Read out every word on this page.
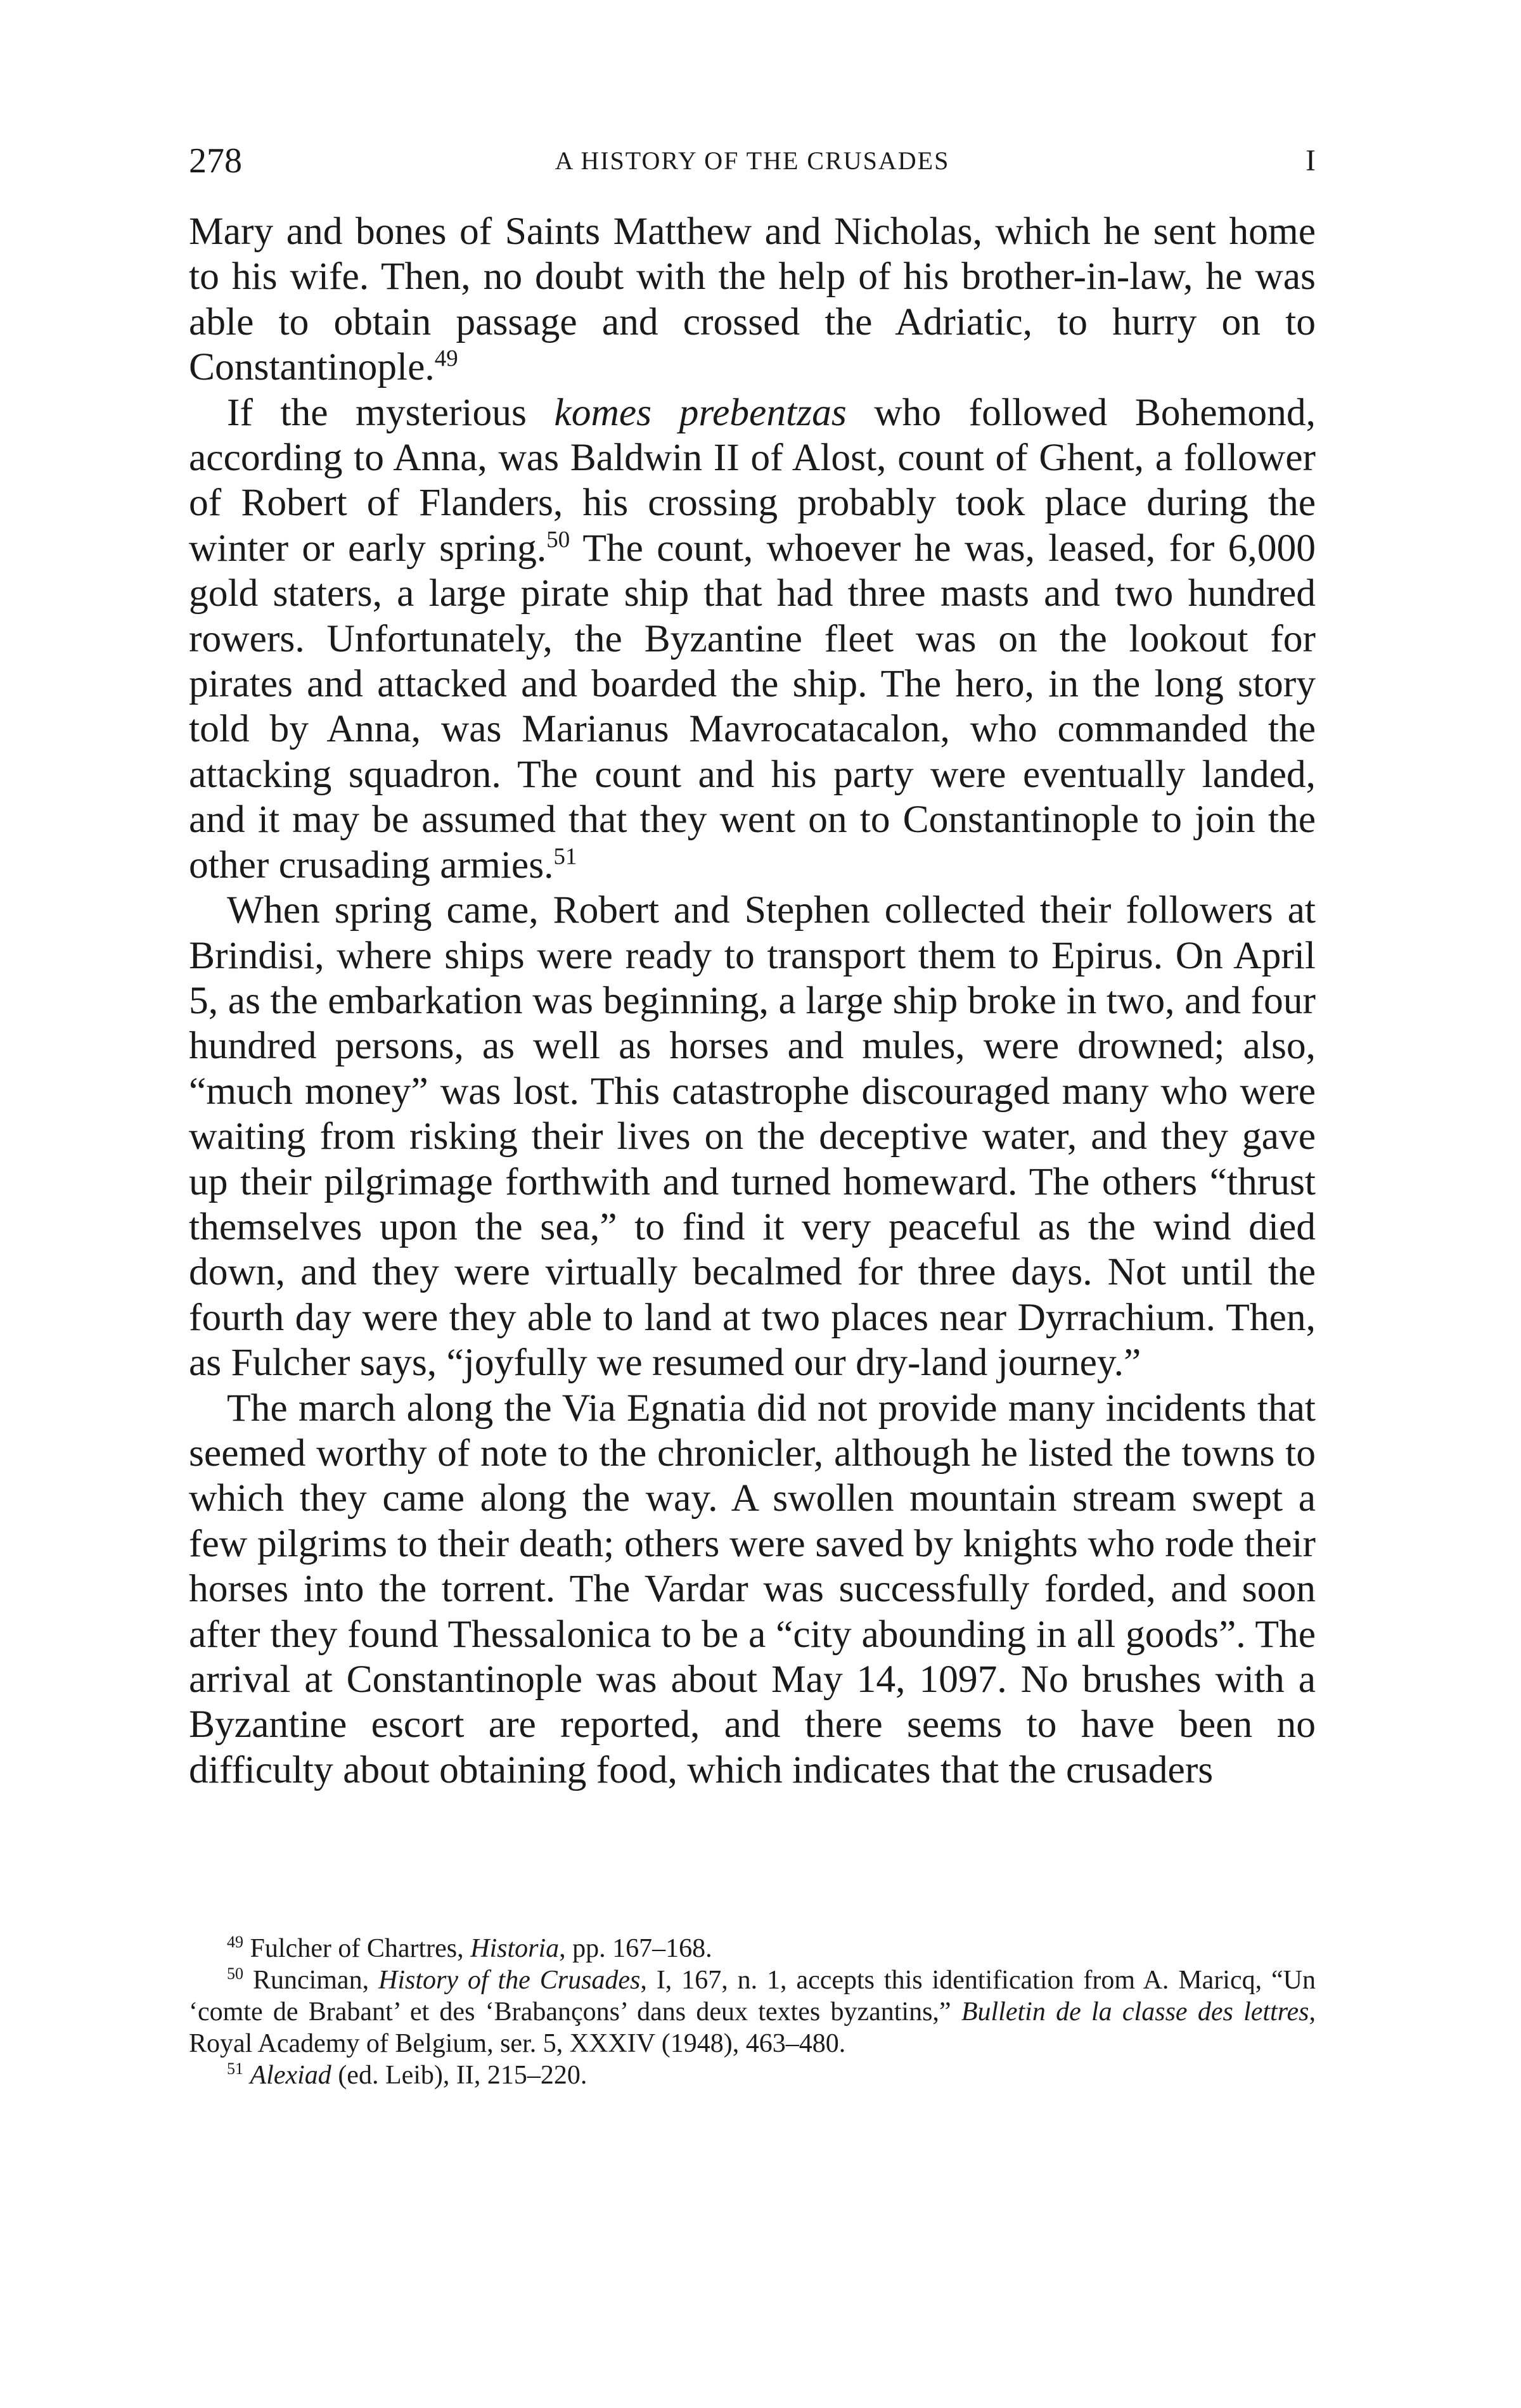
278	A HISTORY OF THE CRUSADES	I

Mary and bones of Saints Matthew and Nicholas, which he sent home to his wife. Then, no doubt with the help of his brother-in-law, he was able to obtain passage and crossed the Adriatic, to hurry on to Constantinople.$^{49}$

If the mysterious komes prebentzas who followed Bohemond, according to Anna, was Baldwin II of Alost, count of Ghent, a follower of Robert of Flanders, his crossing probably took place during the winter or early spring.$^{50}$ The count, whoever he was, leased, for 6,000 gold staters, a large pirate ship that had three masts and two hundred rowers. Unfortunately, the Byzantine fleet was on the lookout for pirates and attacked and boarded the ship. The hero, in the long story told by Anna, was Marianus Mavrocatacalon, who commanded the attacking squadron. The count and his party were eventually landed, and it may be assumed that they went on to Constantinople to join the other crusading armies.$^{51}$

When spring came, Robert and Stephen collected their followers at Brindisi, where ships were ready to transport them to Epirus. On April 5, as the embarkation was beginning, a large ship broke in two, and four hundred persons, as well as horses and mules, were drowned; also, “much money” was lost. This catastrophe discouraged many who were waiting from risking their lives on the deceptive water, and they gave up their pilgrimage forthwith and turned homeward. The others “thrust themselves upon the sea,” to find it very peaceful as the wind died down, and they were virtually becalmed for three days. Not until the fourth day were they able to land at two places near Dyrrachium. Then, as Fulcher says, “joyfully we resumed our dry-land journey.”

The march along the Via Egnatia did not provide many incidents that seemed worthy of note to the chronicler, although he listed the towns to which they came along the way. A swollen mountain stream swept a few pilgrims to their death; others were saved by knights who rode their horses into the torrent. The Vardar was successfully forded, and soon after they found Thessalonica to be a “city abounding in all goods”. The arrival at Constantinople was about May 14, 1097. No brushes with a Byzantine escort are reported, and there seems to have been no difficulty about obtaining food, which indicates that the crusaders

$^{49}$ Fulcher of Chartres, Historia, pp. 167–168.

$^{50}$ Runciman, History of the Crusades, I, 167, n. 1, accepts this identification from A. Maricq, “Un ‘comte de Brabant’ et des ‘Brabançons’ dans deux textes byzantins,” Bulletin de la classe des lettres, Royal Academy of Belgium, ser. 5, XXXIV (1948), 463–480.

$^{51}$ Alexiad (ed. Leib), II, 215–220.
